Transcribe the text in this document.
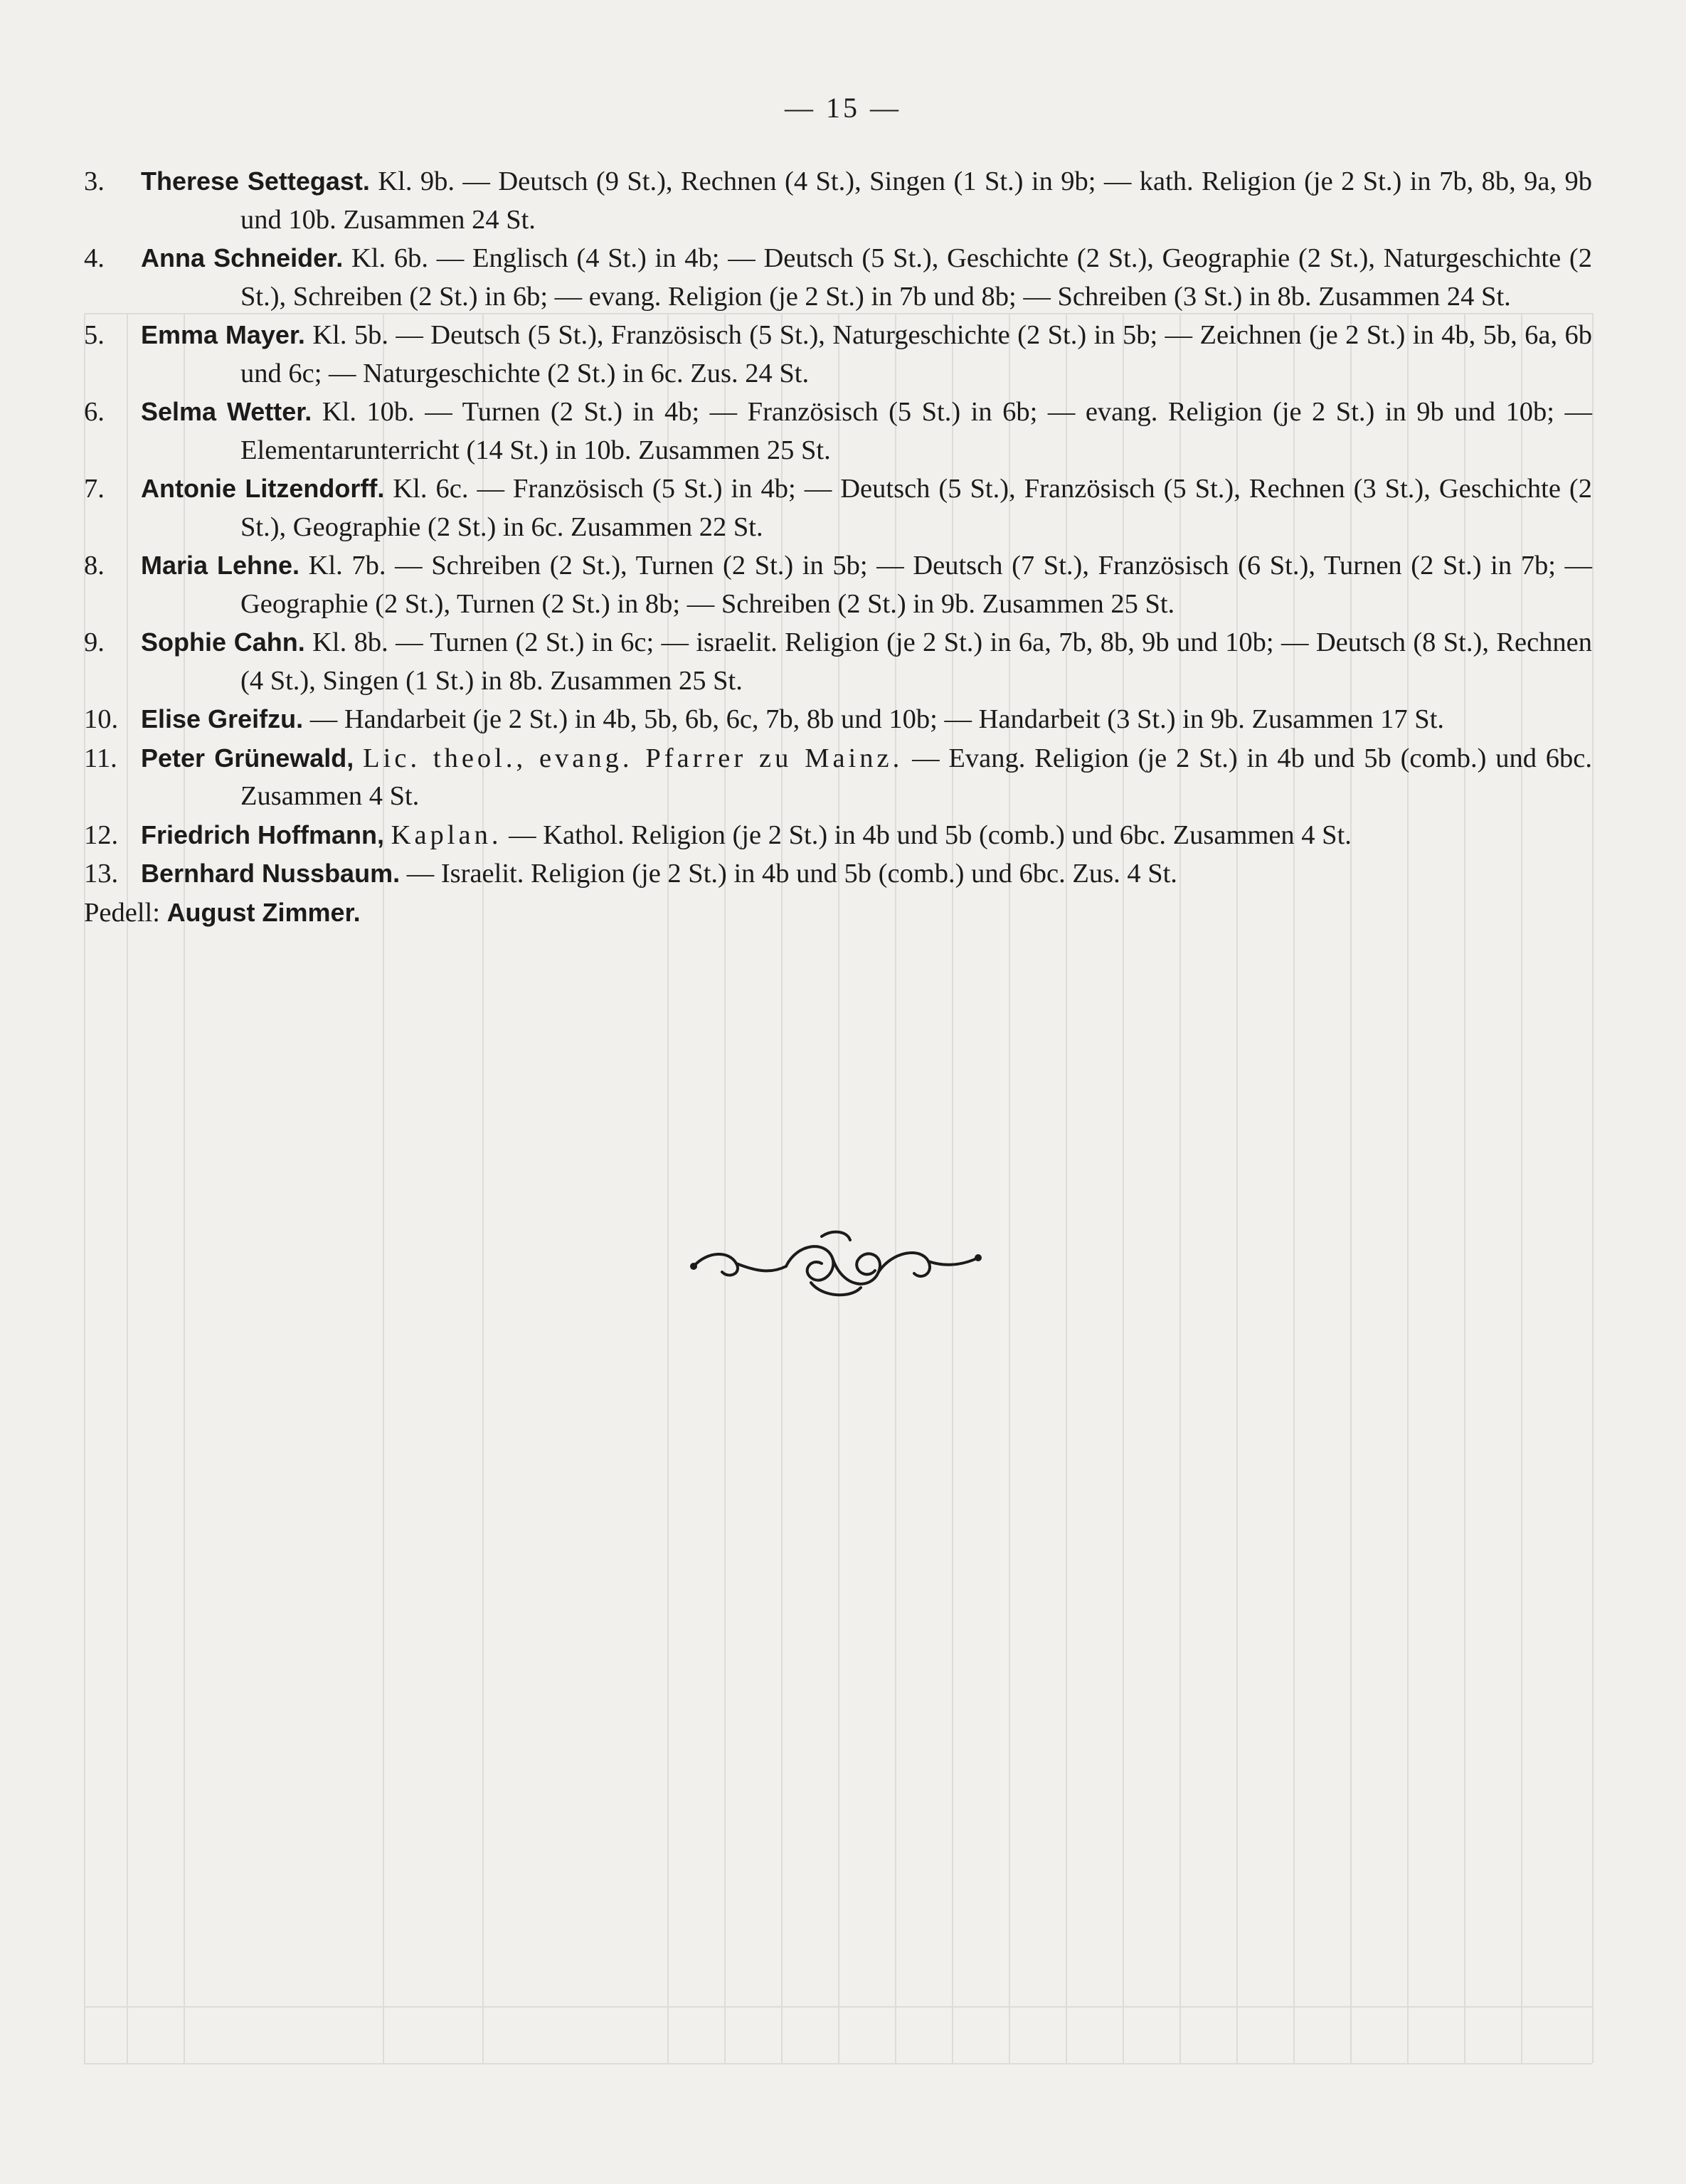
— 15 —
3. Therese Settegast. Kl. 9b. — Deutsch (9 St.), Rechnen (4 St.), Singen (1 St.) in 9b; — kath. Religion (je 2 St.) in 7b, 8b, 9a, 9b und 10b. Zusammen 24 St.
4. Anna Schneider. Kl. 6b. — Englisch (4 St.) in 4b; — Deutsch (5 St.), Geschichte (2 St.), Geographie (2 St.), Naturgeschichte (2 St.), Schreiben (2 St.) in 6b; — evang. Religion (je 2 St.) in 7b und 8b; — Schreiben (3 St.) in 8b. Zusammen 24 St.
5. Emma Mayer. Kl. 5b. — Deutsch (5 St.), Französisch (5 St.), Naturgeschichte (2 St.) in 5b; — Zeichnen (je 2 St.) in 4b, 5b, 6a, 6b und 6c; — Naturgeschichte (2 St.) in 6c. Zus. 24 St.
6. Selma Wetter. Kl. 10b. — Turnen (2 St.) in 4b; — Französisch (5 St.) in 6b; — evang. Religion (je 2 St.) in 9b und 10b; — Elementarunterricht (14 St.) in 10b. Zusammen 25 St.
7. Antonie Litzendorff. Kl. 6c. — Französisch (5 St.) in 4b; — Deutsch (5 St.), Französisch (5 St.), Rechnen (3 St.), Geschichte (2 St.), Geographie (2 St.) in 6c. Zusammen 22 St.
8. Maria Lehne. Kl. 7b. — Schreiben (2 St.), Turnen (2 St.) in 5b; — Deutsch (7 St.), Französisch (6 St.), Turnen (2 St.) in 7b; — Geographie (2 St.), Turnen (2 St.) in 8b; — Schreiben (2 St.) in 9b. Zusammen 25 St.
9. Sophie Cahn. Kl. 8b. — Turnen (2 St.) in 6c; — israelit. Religion (je 2 St.) in 6a, 7b, 8b, 9b und 10b; — Deutsch (8 St.), Rechnen (4 St.), Singen (1 St.) in 8b. Zusammen 25 St.
10. Elise Greifzu. — Handarbeit (je 2 St.) in 4b, 5b, 6b, 6c, 7b, 8b und 10b; — Handarbeit (3 St.) in 9b. Zusammen 17 St.
11. Peter Grünewald, Lic. theol., evang. Pfarrer zu Mainz. — Evang. Religion (je 2 St.) in 4b und 5b (comb.) und 6bc. Zusammen 4 St.
12. Friedrich Hoffmann, Kaplan. — Kathol. Religion (je 2 St.) in 4b und 5b (comb.) und 6bc. Zusammen 4 St.
13. Bernhard Nussbaum. — Israelit. Religion (je 2 St.) in 4b und 5b (comb.) und 6bc. Zus. 4 St.
Pedell: August Zimmer.
